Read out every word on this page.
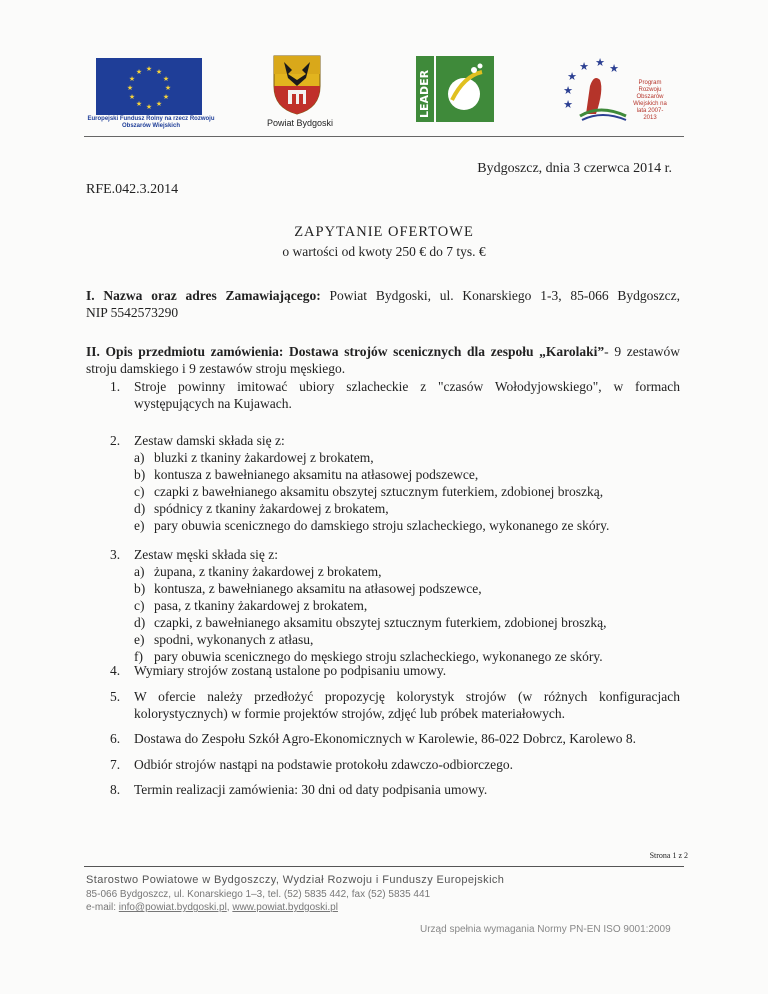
★ ★
★
★
★
★
★
★
★
★
★
★
Europejski Fundusz Rolny na rzecz Rozwoju Obszarów Wiejskich	Powiat Bydgoski
LEADER	★
★
★ ★ ★
★
Program Rozwoju Obszarów Wiejskich na lata 2007-2013
Bydgoszcz, dnia 3 czerwca 2014 r.
RFE.042.3.2014
ZAPYTANIE OFERTOWE
o wartości od kwoty 250 € do 7 tys. €
I. Nazwa oraz adres Zamawiającego: Powiat Bydgoski, ul. Konarskiego 1-3, 85-066 Bydgoszcz,
NIP 5542573290
II. Opis przedmiotu zamówienia: Dostawa strojów scenicznych dla zespołu „Karolaki”- 9 zestawów
stroju damskiego i 9 zestawów stroju męskiego.
1.	Stroje powinny imitować ubiory szlacheckie z "czasów Wołodyjowskiego", w formach występujących na Kujawach.
2.	Zestaw damski składa się z:
a) bluzki z tkaniny żakardowej z brokatem,
b) kontusza z bawełnianego aksamitu na atłasowej podszewce,
c) czapki z bawełnianego aksamitu obszytej sztucznym futerkiem, zdobionej broszką,
d) spódnicy z tkaniny żakardowej z brokatem,
e) pary obuwia scenicznego do damskiego stroju szlacheckiego, wykonanego ze skóry.
3.	Zestaw męski składa się z:
a) żupana, z tkaniny żakardowej z brokatem,
b) kontusza, z bawełnianego aksamitu na atłasowej podszewce,
c) pasa, z tkaniny żakardowej z brokatem,
d) czapki, z bawełnianego aksamitu obszytej sztucznym futerkiem, zdobionej broszką,
e) spodni, wykonanych z atłasu,
f) pary obuwia scenicznego do męskiego stroju szlacheckiego, wykonanego ze skóry.
4.	Wymiary strojów zostaną ustalone po podpisaniu umowy.
5.	W ofercie należy przedłożyć propozycję kolorystyk strojów (w różnych konfiguracjach kolorystycznych) w formie projektów strojów, zdjęć lub próbek materiałowych.
6.	Dostawa do Zespołu Szkół Agro-Ekonomicznych w Karolewie, 86-022 Dobrcz, Karolewo 8.
7.	Odbiór strojów nastąpi na podstawie protokołu zdawczo-odbiorczego.
8.	Termin realizacji zamówienia: 30 dni od daty podpisania umowy.
Strona 1 z 2
Starostwo Powiatowe w Bydgoszczy, Wydział Rozwoju i Funduszy Europejskich
85-066 Bydgoszcz, ul. Konarskiego 1–3, tel. (52) 5835 442, fax (52) 5835 441
e-mail: info@powiat.bydgoski.pl, www.powiat.bydgoski.pl
Urząd spełnia wymagania Normy PN-EN ISO 9001:2009
